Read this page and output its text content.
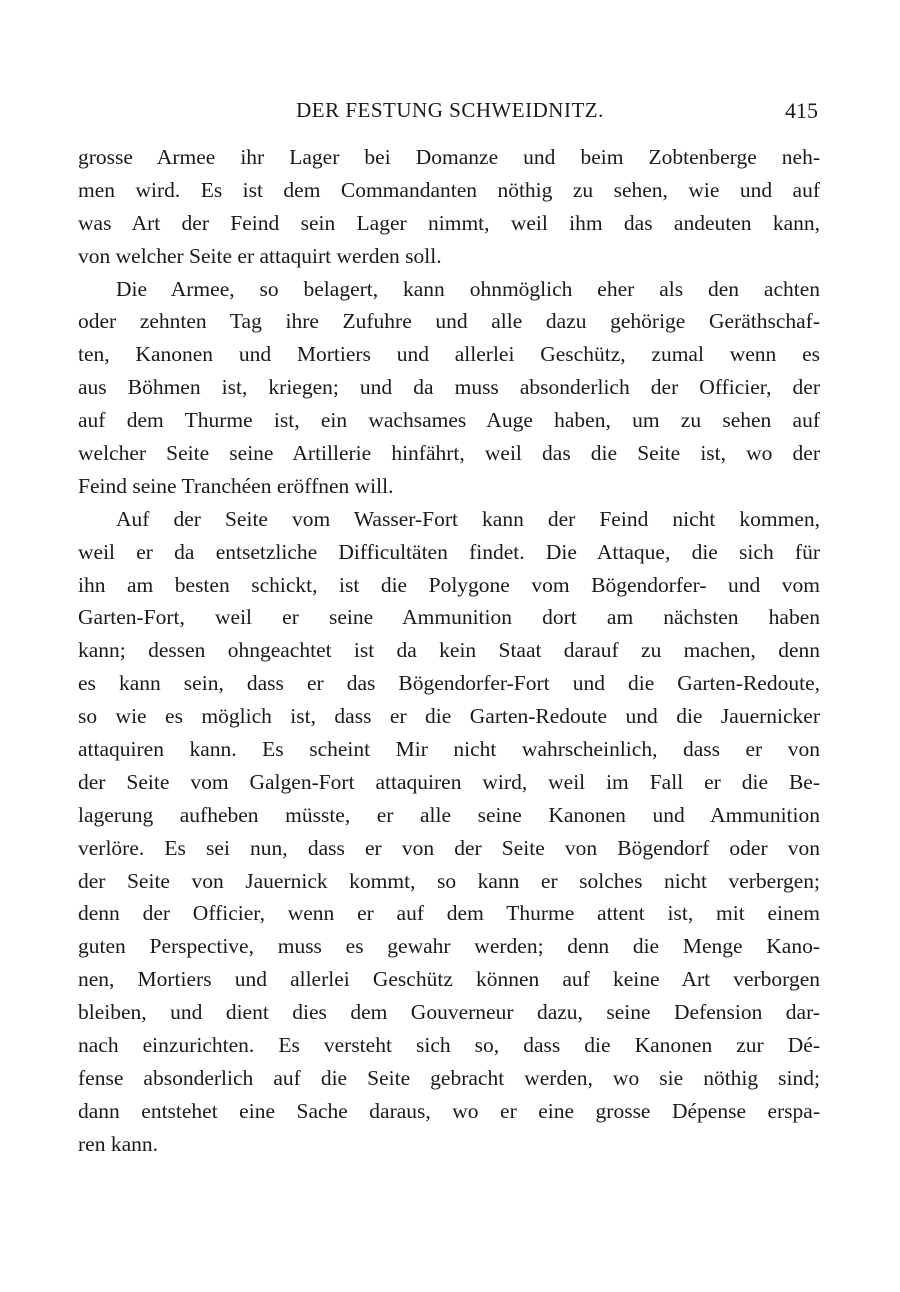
DER FESTUNG SCHWEIDNITZ.	415
grosse Armee ihr Lager bei Domanze und beim Zobtenberge neh-
men wird. Es ist dem Commandanten nöthig zu sehen, wie und auf
was Art der Feind sein Lager nimmt, weil ihm das andeuten kann,
von welcher Seite er attaquirt werden soll.
Die Armee, so belagert, kann ohnmöglich eher als den achten
oder zehnten Tag ihre Zufuhre und alle dazu gehörige Geräthschaf-
ten, Kanonen und Mortiers und allerlei Geschütz, zumal wenn es
aus Böhmen ist, kriegen; und da muss absonderlich der Officier, der
auf dem Thurme ist, ein wachsames Auge haben, um zu sehen auf
welcher Seite seine Artillerie hinfährt, weil das die Seite ist, wo der
Feind seine Tranchéen eröffnen will.
Auf der Seite vom Wasser-Fort kann der Feind nicht kommen,
weil er da entsetzliche Difficultäten findet. Die Attaque, die sich für
ihn am besten schickt, ist die Polygone vom Bögendorfer- und vom
Garten-Fort, weil er seine Ammunition dort am nächsten haben
kann; dessen ohngeachtet ist da kein Staat darauf zu machen, denn
es kann sein, dass er das Bögendorfer-Fort und die Garten-Redoute,
so wie es möglich ist, dass er die Garten-Redoute und die Jauernicker
attaquiren kann. Es scheint Mir nicht wahrscheinlich, dass er von
der Seite vom Galgen-Fort attaquiren wird, weil im Fall er die Be-
lagerung aufheben müsste, er alle seine Kanonen und Ammunition
verlöre. Es sei nun, dass er von der Seite von Bögendorf oder von
der Seite von Jauernick kommt, so kann er solches nicht verbergen;
denn der Officier, wenn er auf dem Thurme attent ist, mit einem
guten Perspective, muss es gewahr werden; denn die Menge Kano-
nen, Mortiers und allerlei Geschütz können auf keine Art verborgen
bleiben, und dient dies dem Gouverneur dazu, seine Defension dar-
nach einzurichten. Es versteht sich so, dass die Kanonen zur Dé-
fense absonderlich auf die Seite gebracht werden, wo sie nöthig sind;
dann entstehet eine Sache daraus, wo er eine grosse Dépense erspa-
ren kann.
